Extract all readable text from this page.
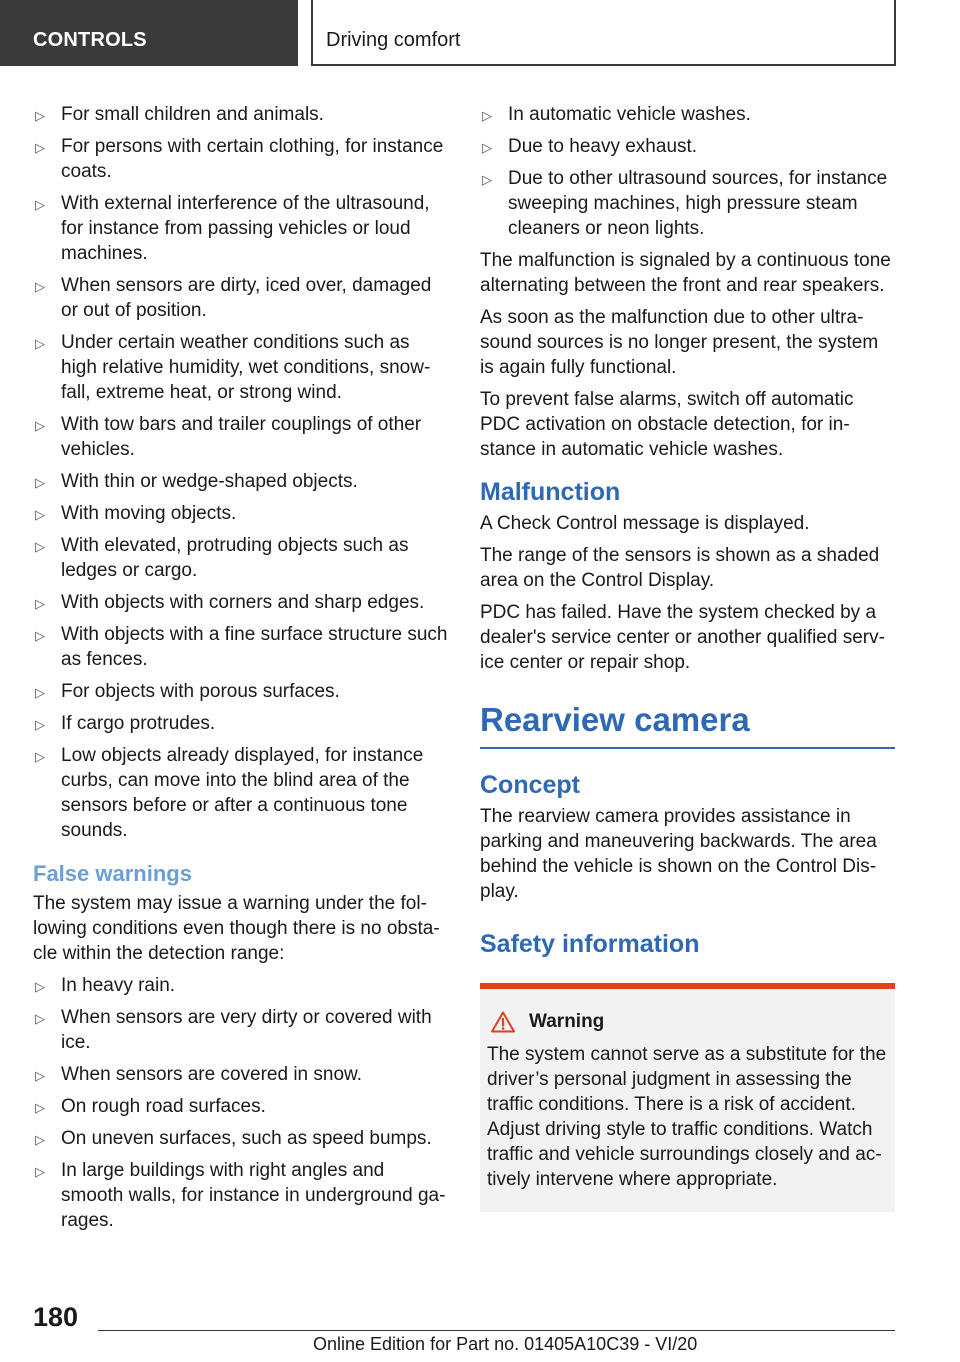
CONTROLS	Driving comfort
▷ For small children and animals.
▷ For persons with certain clothing, for instance coats.
▷ With external interference of the ultrasound, for instance from passing vehicles or loud machines.
▷ When sensors are dirty, iced over, damaged or out of position.
▷ Under certain weather conditions such as high relative humidity, wet conditions, snowfall, extreme heat, or strong wind.
▷ With tow bars and trailer couplings of other vehicles.
▷ With thin or wedge-shaped objects.
▷ With moving objects.
▷ With elevated, protruding objects such as ledges or cargo.
▷ With objects with corners and sharp edges.
▷ With objects with a fine surface structure such as fences.
▷ For objects with porous surfaces.
▷ If cargo protrudes.
▷ Low objects already displayed, for instance curbs, can move into the blind area of the sensors before or after a continuous tone sounds.
False warnings

The system may issue a warning under the following conditions even though there is no obstacle within the detection range:

▷ In heavy rain.
▷ When sensors are very dirty or covered with ice.
▷ When sensors are covered in snow.
▷ On rough road surfaces.
▷ On uneven surfaces, such as speed bumps.
▷ In large buildings with right angles and smooth walls, for instance in underground garages.
▷ In automatic vehicle washes.
▷ Due to heavy exhaust.
▷ Due to other ultrasound sources, for instance sweeping machines, high pressure steam cleaners or neon lights.

The malfunction is signaled by a continuous tone alternating between the front and rear speakers.

As soon as the malfunction due to other ultrasound sources is no longer present, the system is again fully functional.

To prevent false alarms, switch off automatic PDC activation on obstacle detection, for instance in automatic vehicle washes.

Malfunction

A Check Control message is displayed.

The range of the sensors is shown as a shaded area on the Control Display.

PDC has failed. Have the system checked by a dealer's service center or another qualified service center or repair shop.

Rearview camera
Concept

The rearview camera provides assistance in parking and maneuvering backwards. The area behind the vehicle is shown on the Control Display.

Safety information
Warning

The system cannot serve as a substitute for the driver’s personal judgment in assessing the traffic conditions. There is a risk of accident. Adjust driving style to traffic conditions. Watch traffic and vehicle surroundings closely and actively intervene where appropriate.

180
Online Edition for Part no. 01405A10C39 - VI/20
